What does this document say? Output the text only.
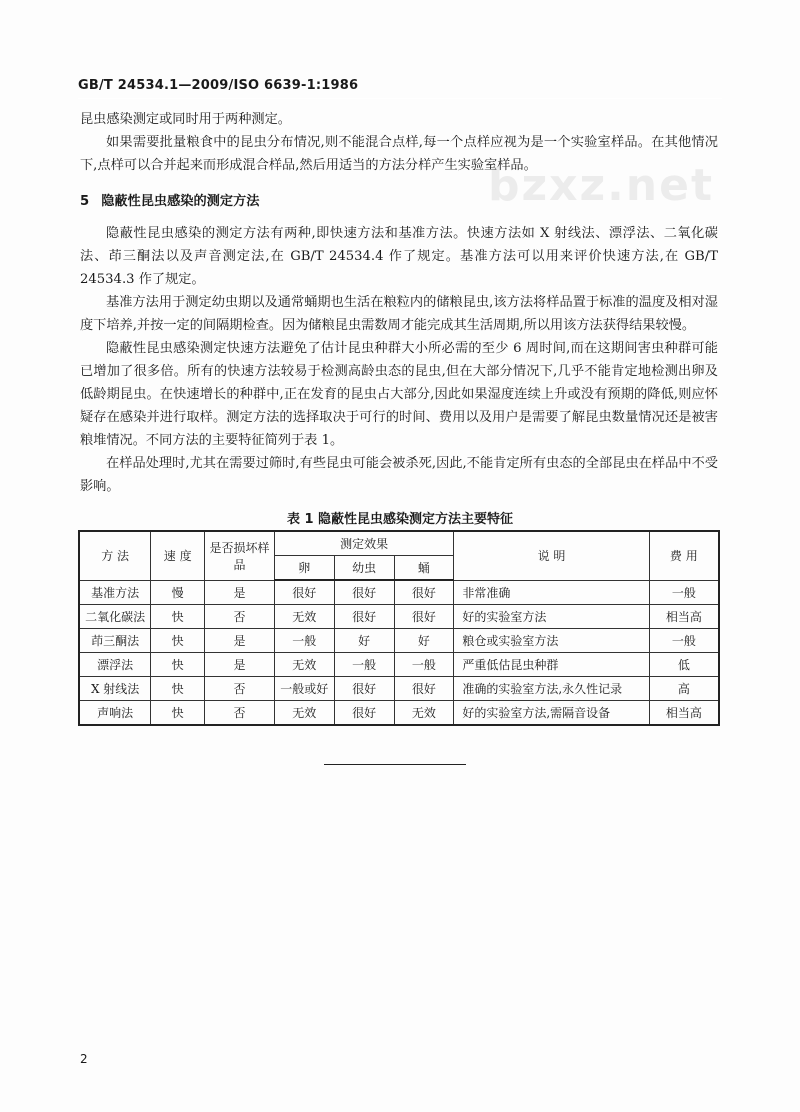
GB/T 24534.1—2009/ISO 6639-1:1986
bzxz.net

昆虫感染测定或同时用于两种测定。

如果需要批量粮食中的昆虫分布情况,则不能混合点样,每一个点样应视为是一个实验室样品。在其他情况下,点样可以合并起来而形成混合样品,然后用适当的方法分样产生实验室样品。

5 隐蔽性昆虫感染的测定方法

隐蔽性昆虫感染的测定方法有两种,即快速方法和基准方法。快速方法如 X 射线法、漂浮法、二氧化碳法、茚三酮法以及声音测定法,在 GB/T 24534.4 作了规定。基准方法可以用来评价快速方法,在 GB/T 24534.3 作了规定。

基准方法用于测定幼虫期以及通常蛹期也生活在粮粒内的储粮昆虫,该方法将样品置于标准的温度及相对湿度下培养,并按一定的间隔期检查。因为储粮昆虫需数周才能完成其生活周期,所以用该方法获得结果较慢。

隐蔽性昆虫感染测定快速方法避免了估计昆虫种群大小所必需的至少 6 周时间,而在这期间害虫种群可能已增加了很多倍。所有的快速方法较易于检测高龄虫态的昆虫,但在大部分情况下,几乎不能肯定地检测出卵及低龄期昆虫。在快速增长的种群中,正在发育的昆虫占大部分,因此如果湿度连续上升或没有预期的降低,则应怀疑存在感染并进行取样。测定方法的选择取决于可行的时间、费用以及用户是需要了解昆虫数量情况还是被害粮堆情况。不同方法的主要特征简列于表 1。

在样品处理时,尤其在需要过筛时,有些昆虫可能会被杀死,因此,不能肯定所有虫态的全部昆虫在样品中不受影响。

表 1 隐蔽性昆虫感染测定方法主要特征
方 法	速 度	是否损坏样品	测定效果			说 明	费 用
			卵	幼虫	蛹		
基准方法	慢	是	很好	很好	很好	非常准确	一般
二氧化碳法	快	否	无效	很好	很好	好的实验室方法	相当高
茚三酮法	快	是	一般	好	好	粮仓或实验室方法	一般
漂浮法	快	是	无效	一般	一般	严重低估昆虫种群	低
X 射线法	快	否	一般或好	很好	很好	准确的实验室方法,永久性记录	高
声响法	快	否	无效	很好	无效	好的实验室方法,需隔音设备	相当高
2
